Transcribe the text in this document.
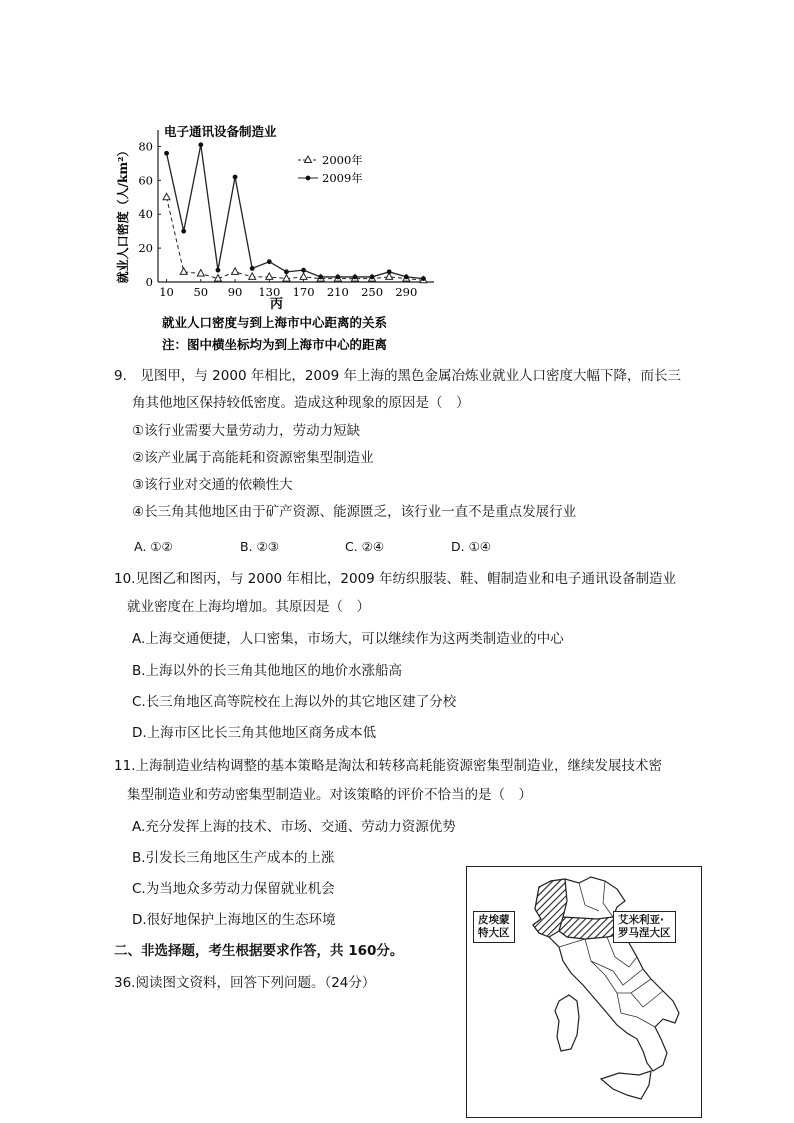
0
20
40
60
80
10 50 90 130 170 210 250 290
就业人口密度（人/km²）	2000年
2009年
电子通讯设备制造业
丙
就业人口密度与到上海市中心距离的关系
注：图中横坐标均为到上海市中心的距离
9.　见图甲，与 2000 年相比，2009 年上海的黑色金属冶炼业就业人口密度大幅下降，而长三
角其他地区保持较低密度。造成这种现象的原因是（　）
①该行业需要大量劳动力，劳动力短缺
②该产业属于高能耗和资源密集型制造业
③该行业对交通的依赖性大
④长三角其他地区由于矿产资源、能源匮乏，该行业一直不是重点发展行业
A. ①②	B. ②③	C. ②④	D. ①④
10.见图乙和图丙，与 2000 年相比，2009 年纺织服装、鞋、帽制造业和电子通讯设备制造业
就业密度在上海均增加。其原因是（　）
A.上海交通便捷，人口密集，市场大，可以继续作为这两类制造业的中心
B.上海以外的长三角其他地区的地价水涨船高
C.长三角地区高等院校在上海以外的其它地区建了分校
D.上海市区比长三角其他地区商务成本低
11.上海制造业结构调整的基本策略是淘汰和转移高耗能资源密集型制造业，继续发展技术密
集型制造业和劳动密集型制造业。对该策略的评价不恰当的是（　）
A.充分发挥上海的技术、市场、交通、劳动力资源优势
B.引发长三角地区生产成本的上涨
C.为当地众多劳动力保留就业机会
D.很好地保护上海地区的生态环境
二、非选择题，考生根据要求作答，共 160分。
36.阅读图文资料，回答下列问题。（24分）
皮埃蒙
特大区
艾米利亚·
罗马涅大区
